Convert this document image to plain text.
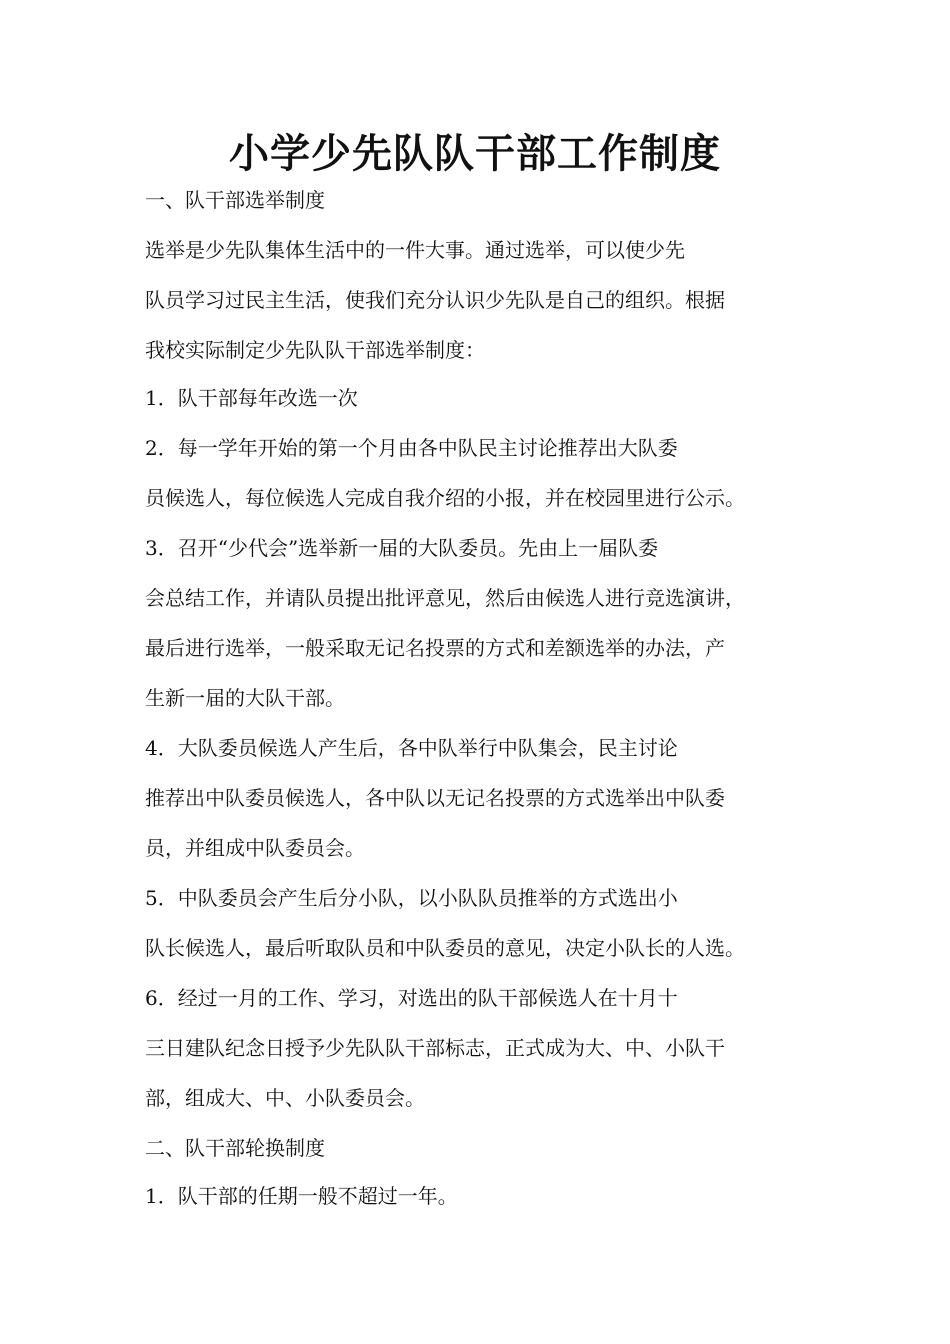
小学少先队队干部工作制度
一、队干部选举制度
选举是少先队集体生活中的一件大事。通过选举，可以使少先
队员学习过民主生活，使我们充分认识少先队是自己的组织。根据
我校实际制定少先队队干部选举制度：
1．队干部每年改选一次
2．每一学年开始的第一个月由各中队民主讨论推荐出大队委
员候选人，每位候选人完成自我介绍的小报，并在校园里进行公示。
3．召开“少代会”选举新一届的大队委员。先由上一届队委
会总结工作，并请队员提出批评意见，然后由候选人进行竞选演讲，
最后进行选举，一般采取无记名投票的方式和差额选举的办法，产
生新一届的大队干部。
4．大队委员候选人产生后，各中队举行中队集会，民主讨论
推荐出中队委员候选人，各中队以无记名投票的方式选举出中队委
员，并组成中队委员会。
5．中队委员会产生后分小队，以小队队员推举的方式选出小
队长候选人，最后听取队员和中队委员的意见，决定小队长的人选。
6．经过一月的工作、学习，对选出的队干部候选人在十月十
三日建队纪念日授予少先队队干部标志，正式成为大、中、小队干
部，组成大、中、小队委员会。
二、队干部轮换制度
1．队干部的任期一般不超过一年。
